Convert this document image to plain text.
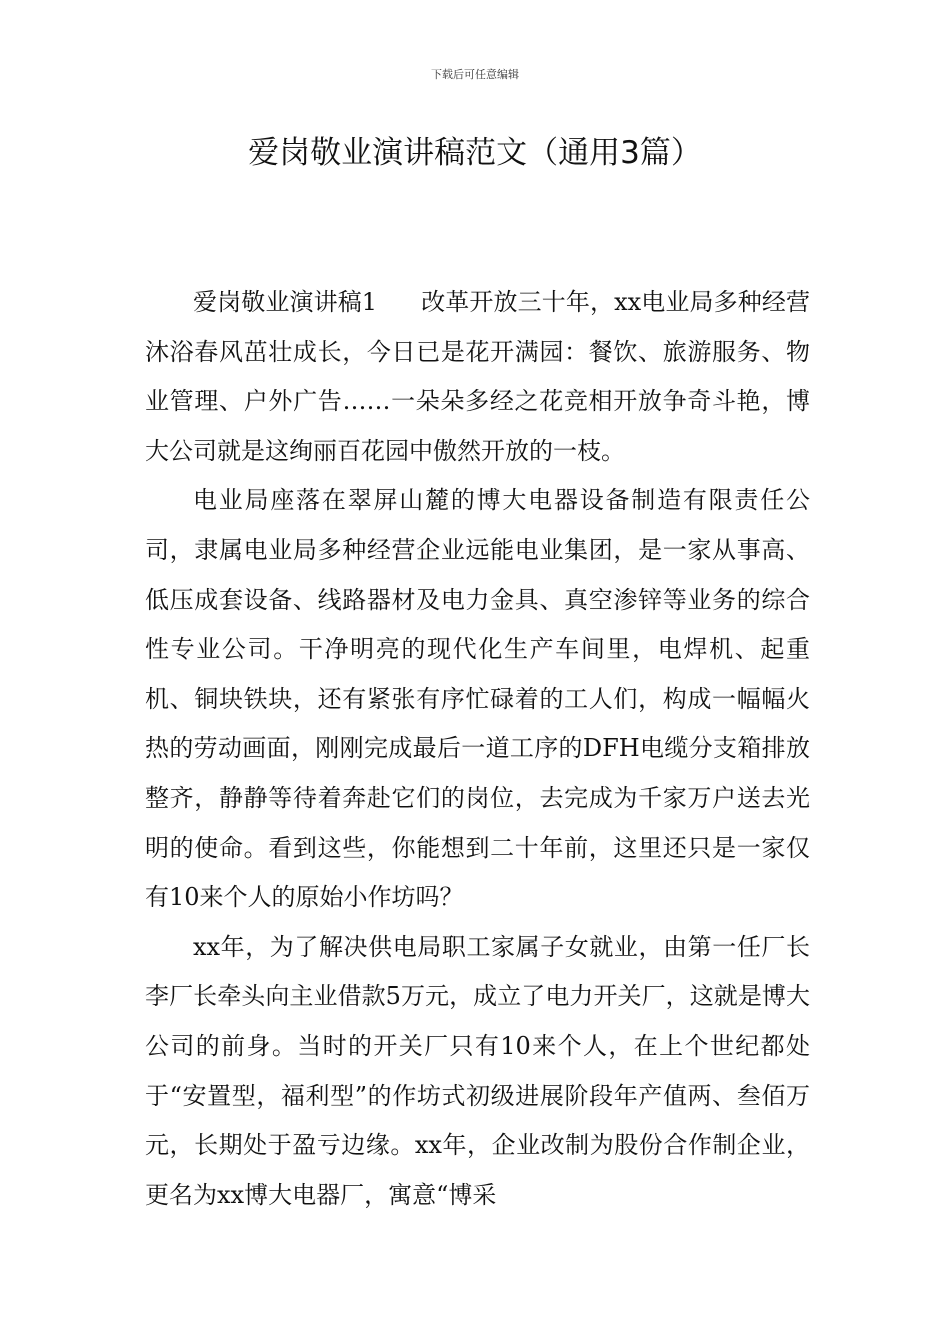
下载后可任意编辑
爱岗敬业演讲稿范文（通用3篇）

爱岗敬业演讲稿1 改革开放三十年，xx电业局多种经营沐浴春风茁壮成长，今日已是花开满园：餐饮、旅游服务、物业管理、户外广告……一朵朵多经之花竞相开放争奇斗艳，博大公司就是这绚丽百花园中傲然开放的一枝。

电业局座落在翠屏山麓的博大电器设备制造有限责任公司，隶属电业局多种经营企业远能电业集团，是一家从事高、低压成套设备、线路器材及电力金具、真空渗锌等业务的综合性专业公司。干净明亮的现代化生产车间里，电焊机、起重机、铜块铁块，还有紧张有序忙碌着的工人们，构成一幅幅火热的劳动画面，刚刚完成最后一道工序的DFH电缆分支箱排放整齐，静静等待着奔赴它们的岗位，去完成为千家万户送去光明的使命。看到这些，你能想到二十年前，这里还只是一家仅有10来个人的原始小作坊吗？

xx年，为了解决供电局职工家属子女就业，由第一任厂长李厂长牵头向主业借款5万元，成立了电力开关厂，这就是博大公司的前身。当时的开关厂只有10来个人，在上个世纪都处于“安置型，福利型”的作坊式初级进展阶段年产值两、叁佰万元，长期处于盈亏边缘。xx年，企业改制为股份合作制企业，更名为xx博大电器厂，寓意“博采
